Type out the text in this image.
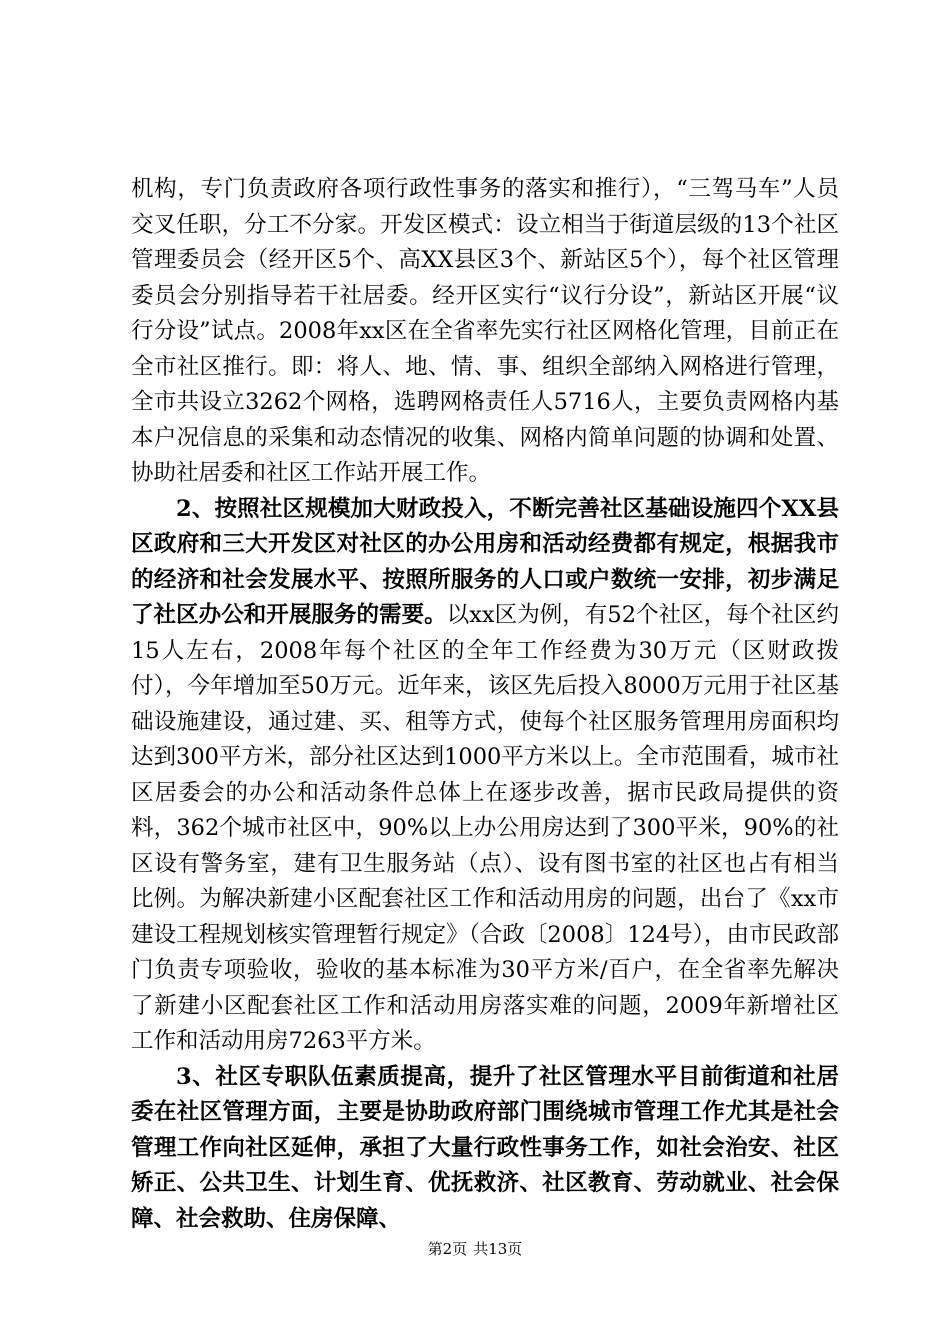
机构，专门负责政府各项行政性事务的落实和推行），“三驾马车”人员交叉任职，分工不分家。开发区模式：设立相当于街道层级的13个社区管理委员会（经开区5个、高XX县区3个、新站区5个），每个社区管理委员会分别指导若干社居委。经开区实行“议行分设”，新站区开展“议行分设”试点。2008年xx区在全省率先实行社区网格化管理，目前正在全市社区推行。即：将人、地、情、事、组织全部纳入网格进行管理，全市共设立3262个网格，选聘网格责任人5716人，主要负责网格内基本户况信息的采集和动态情况的收集、网格内简单问题的协调和处置、协助社居委和社区工作站开展工作。

2、按照社区规模加大财政投入，不断完善社区基础设施四个XX县区政府和三大开发区对社区的办公用房和活动经费都有规定，根据我市的经济和社会发展水平、按照所服务的人口或户数统一安排，初步满足了社区办公和开展服务的需要。以xx区为例，有52个社区，每个社区约15人左右，2008年每个社区的全年工作经费为30万元（区财政拨付），今年增加至50万元。近年来，该区先后投入8000万元用于社区基础设施建设，通过建、买、租等方式，使每个社区服务管理用房面积均达到300平方米，部分社区达到1000平方米以上。全市范围看，城市社区居委会的办公和活动条件总体上在逐步改善，据市民政局提供的资料，362个城市社区中，90%以上办公用房达到了300平米，90%的社区设有警务室，建有卫生服务站（点）、设有图书室的社区也占有相当比例。为解决新建小区配套社区工作和活动用房的问题，出台了《xx市建设工程规划核实管理暂行规定》（合政〔2008〕124号），由市民政部门负责专项验收，验收的基本标准为30平方米/百户，在全省率先解决了新建小区配套社区工作和活动用房落实难的问题，2009年新增社区工作和活动用房7263平方米。

3、社区专职队伍素质提高，提升了社区管理水平目前街道和社居委在社区管理方面，主要是协助政府部门围绕城市管理工作尤其是社会管理工作向社区延伸，承担了大量行政性事务工作，如社会治安、社区矫正、公共卫生、计划生育、优抚救济、社区教育、劳动就业、社会保障、社会救助、住房保障、

第2页 共13页
